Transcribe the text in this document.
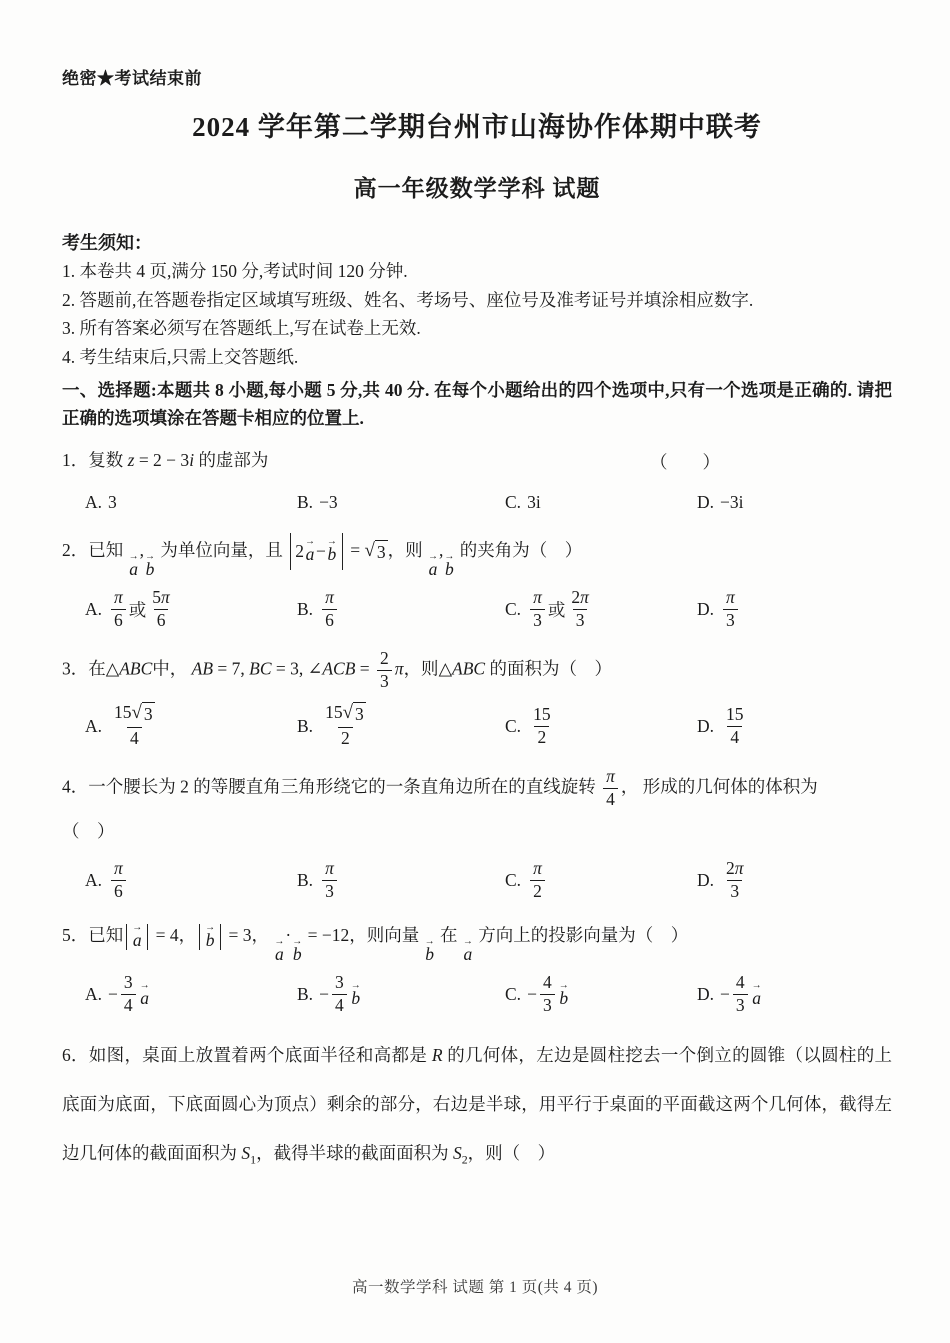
绝密★考试结束前
2024 学年第二学期台州市山海协作体期中联考
高一年级数学学科 试题
考生须知：
1. 本卷共 4 页,满分 150 分,考试时间 120 分钟.
2. 答题前,在答题卷指定区域填写班级、姓名、考场号、座位号及准考证号并填涂相应数字.
3. 所有答案必须写在答题纸上,写在试卷上无效.
4. 考生结束后,只需上交答题纸.
一、选择题:本题共 8 小题,每小题 5 分,共 40 分. 在每个小题给出的四个选项中,只有一个选项是正确的. 请把正确的选项填涂在答题卡相应的位置上.
1．复数 z = 2 − 3i 的虚部为	（　　）
A. 3	B. −3	C. 3i	D. −3i
2．已知 →
a
, →
b
为单位向量，且 2 →
a − →
b = √ 3 ，则 →
a
, →
b
的夹角为（　）
A. $\frac{\pi}{6}$ 或 $\frac{5\pi}{6}$	B. $\frac{\pi}{6}$	C. $\frac{\pi}{3}$ 或 $\frac{2\pi}{3}$	D. $\frac{\pi}{3}$
3．在△ABC中， AB = 7, BC = 3, ∠ACB = $\frac{2}{3}$ π，则△ABC 的面积为（　）
A. $\frac{15 √ 3}{4}$	B. $\frac{15 √ 3}{2}$	C. $\frac{15}{2}$	D. $\frac{15}{4}$
4．一个腰长为 2 的等腰直角三角形绕它的一条直角边所在的直线旋转 $\frac{\pi}{4}$ ， 形成的几何体的体积为
（　）
A. $\frac{\pi}{6}$	B. $\frac{\pi}{3}$	C. $\frac{\pi}{2}$	D. $\frac{2\pi}{3}$
5．已知 →
a = 4， →
b = 3， →
a
· →
b
= −12，则向量 →
b
在 →
a
方向上的投影向量为（　）
A. − $\frac{3}{4}$ →
a	B. − $\frac{3}{4}$ →
b	C. − $\frac{4}{3}$ →
b	D. − $\frac{4}{3}$ →
a
6．如图，桌面上放置着两个底面半径和高都是 R 的几何体，左边是圆柱挖去一个倒立的圆锥（以圆柱的上底面为底面，下底面圆心为顶点）剩余的部分，右边是半球，用平行于桌面的平面截这两个几何体，截得左边几何体的截面面积为 $S_1$，截得半球的截面面积为 $S_2$，则（　）
高一数学学科 试题 第 1 页(共 4 页)
